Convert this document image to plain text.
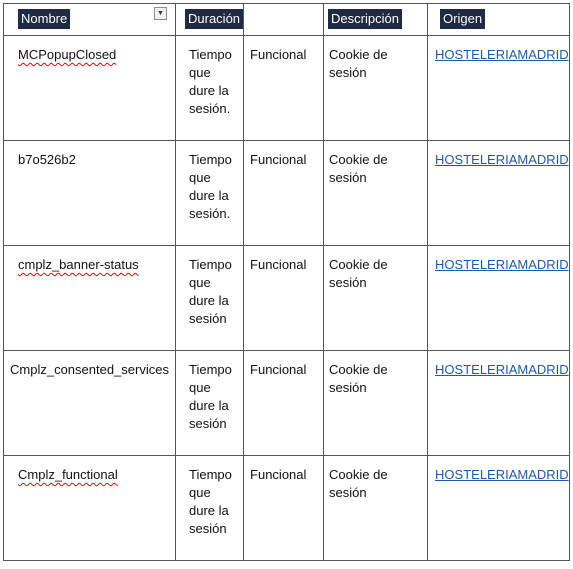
Nombre ▼	Duración		Descripción	Origen

MCPopupClosed	Tiempo que dure la sesión.	Funcional	Cookie de sesión	HOSTELERIAMADRID

b7o526b2	Tiempo que dure la sesión.	Funcional	Cookie de sesión	HOSTELERIAMADRID

cmplz_banner-status	Tiempo que dure la sesión	Funcional	Cookie de sesión	HOSTELERIAMADRID

Cmplz_consented_services	Tiempo que dure la sesión	Funcional	Cookie de sesión	HOSTELERIAMADRID

Cmplz_functional	Tiempo que dure la sesión	Funcional	Cookie de sesión	HOSTELERIAMADRID
